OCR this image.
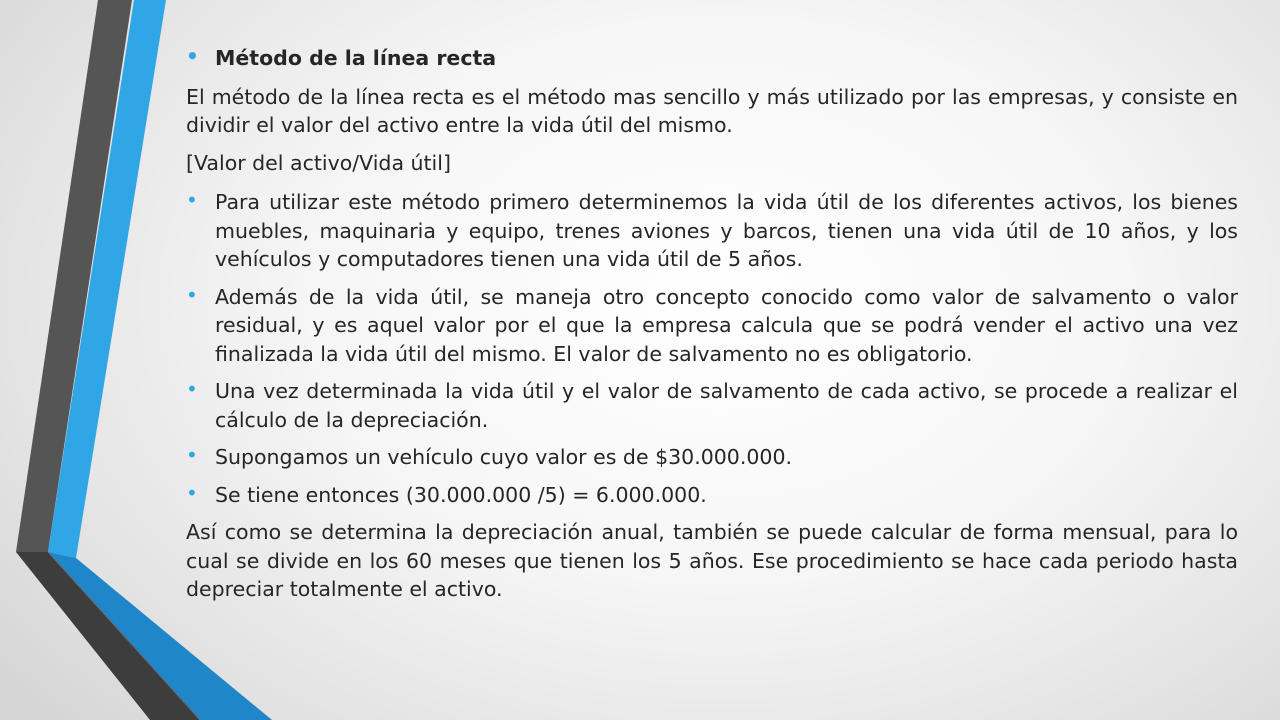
• Método de la línea recta
El método de la línea recta es el método mas sencillo y más utilizado por las empresas, y consiste en dividir el valor del activo entre la vida útil del mismo.
[Valor del activo/Vida útil]
• Para utilizar este método primero determinemos la vida útil de los diferentes activos, los bienes muebles, maquinaria y equipo, trenes aviones y barcos, tienen una vida útil de 10 años, y los vehículos y computadores tienen una vida útil de 5 años.
• Además de la vida útil, se maneja otro concepto conocido como valor de salvamento o valor residual, y es aquel valor por el que la empresa calcula que se podrá vender el activo una vez finalizada la vida útil del mismo. El valor de salvamento no es obligatorio.
• Una vez determinada la vida útil y el valor de salvamento de cada activo, se procede a realizar el cálculo de la depreciación.
• Supongamos un vehículo cuyo valor es de $30.000.000.
• Se tiene entonces (30.000.000 /5) = 6.000.000.
Así como se determina la depreciación anual, también se puede calcular de forma mensual, para lo cual se divide en los 60 meses que tienen los 5 años. Ese procedimiento se hace cada periodo hasta depreciar totalmente el activo.
